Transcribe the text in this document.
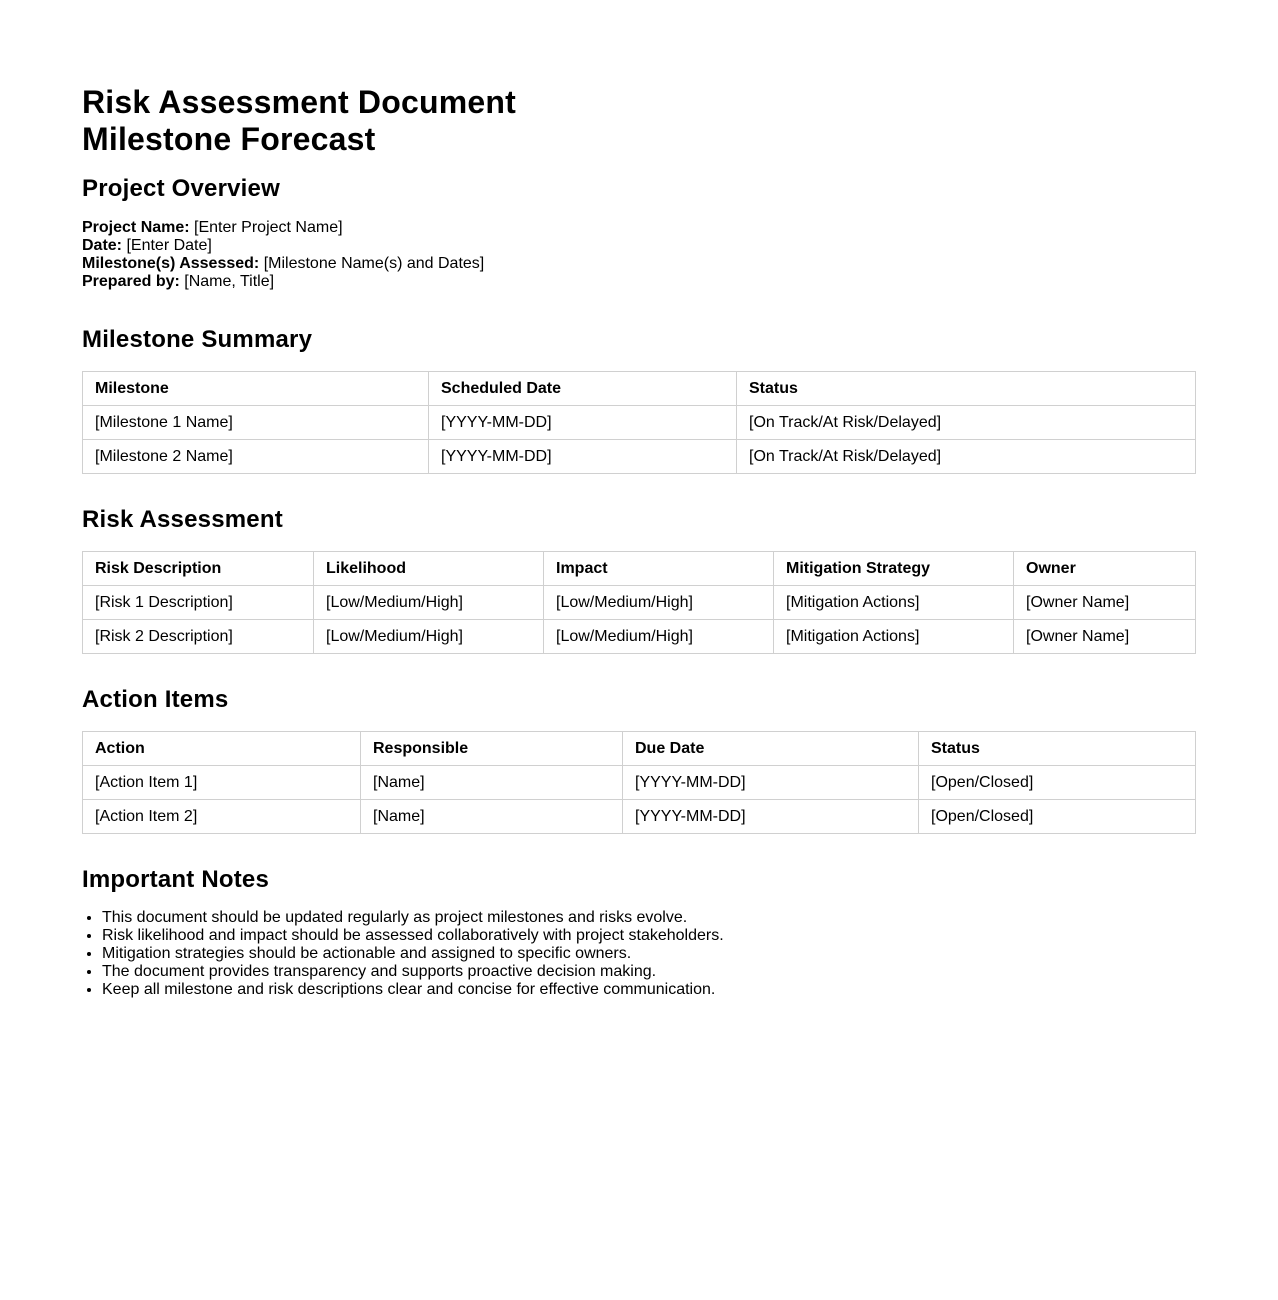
Risk Assessment Document
Milestone Forecast
Project Overview
Project Name: [Enter Project Name]
Date: [Enter Date]
Milestone(s) Assessed: [Milestone Name(s) and Dates]
Prepared by: [Name, Title]
Milestone Summary
Milestone	Scheduled Date	Status
[Milestone 1 Name]	[YYYY-MM-DD]	[On Track/At Risk/Delayed]
[Milestone 2 Name]	[YYYY-MM-DD]	[On Track/At Risk/Delayed]
Risk Assessment
Risk Description	Likelihood	Impact	Mitigation Strategy	Owner
[Risk 1 Description]	[Low/Medium/High]	[Low/Medium/High]	[Mitigation Actions]	[Owner Name]
[Risk 2 Description]	[Low/Medium/High]	[Low/Medium/High]	[Mitigation Actions]	[Owner Name]
Action Items
Action	Responsible	Due Date	Status
[Action Item 1]	[Name]	[YYYY-MM-DD]	[Open/Closed]
[Action Item 2]	[Name]	[YYYY-MM-DD]	[Open/Closed]
Important Notes
• This document should be updated regularly as project milestones and risks evolve.
• Risk likelihood and impact should be assessed collaboratively with project stakeholders.
• Mitigation strategies should be actionable and assigned to specific owners.
• The document provides transparency and supports proactive decision making.
• Keep all milestone and risk descriptions clear and concise for effective communication.
